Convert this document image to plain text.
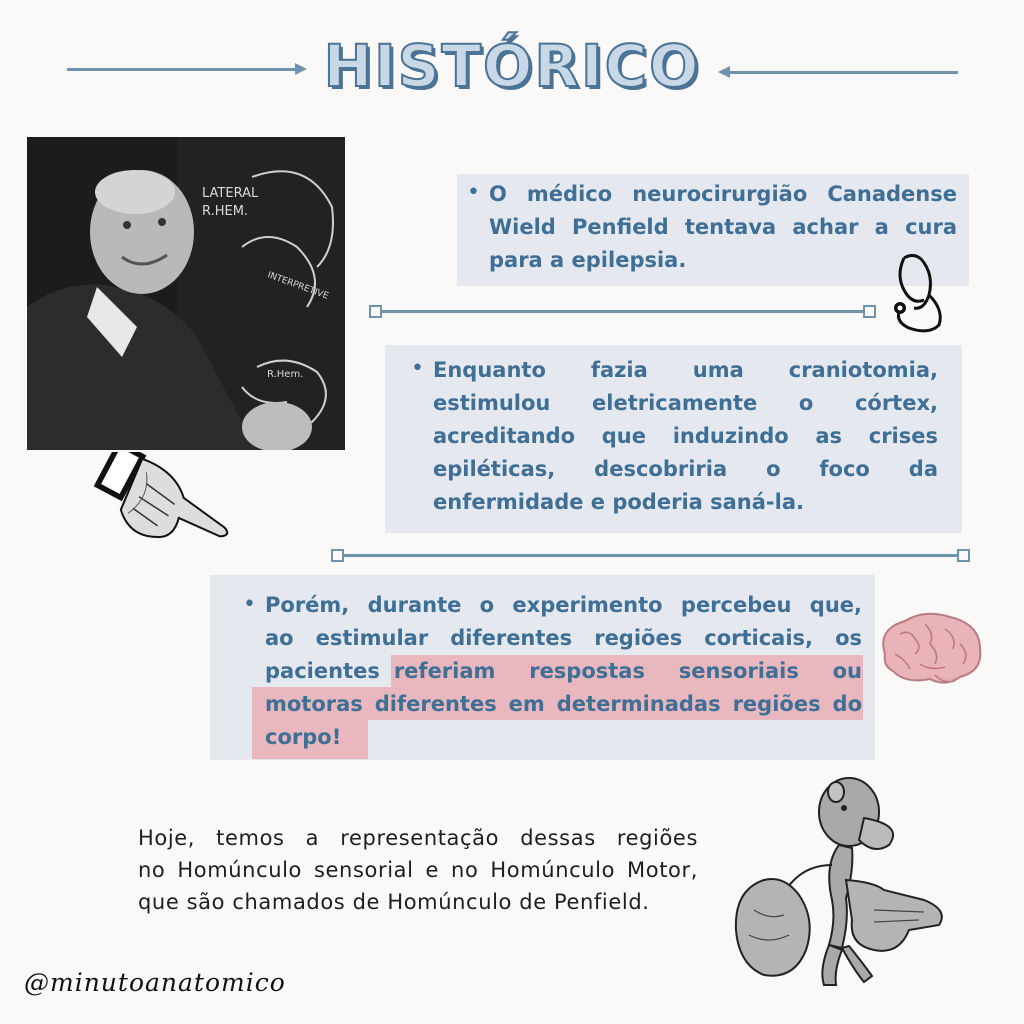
HISTÓRICO
LATERAL
R.HEM.
INTERPRETIVE
R.Hem.
• O médico neurocirurgião Canadense Wield Penfield tentava achar a cura para a epilepsia.
• Enquanto fazia uma craniotomia, estimulou eletricamente o córtex, acreditando que induzindo as crises epiléticas, descobriria o foco da enfermidade e poderia saná-la.
• Porém, durante o experimento percebeu que,
ao estimular diferentes regiões corticais, os
pacientes referiam respostas sensoriais ou
motoras diferentes em determinadas regiões do
corpo!
Hoje, temos a representação dessas regiões
no Homúnculo sensorial e no Homúnculo Motor,
que são chamados de Homúnculo de Penfield.
@minutoanatomico
